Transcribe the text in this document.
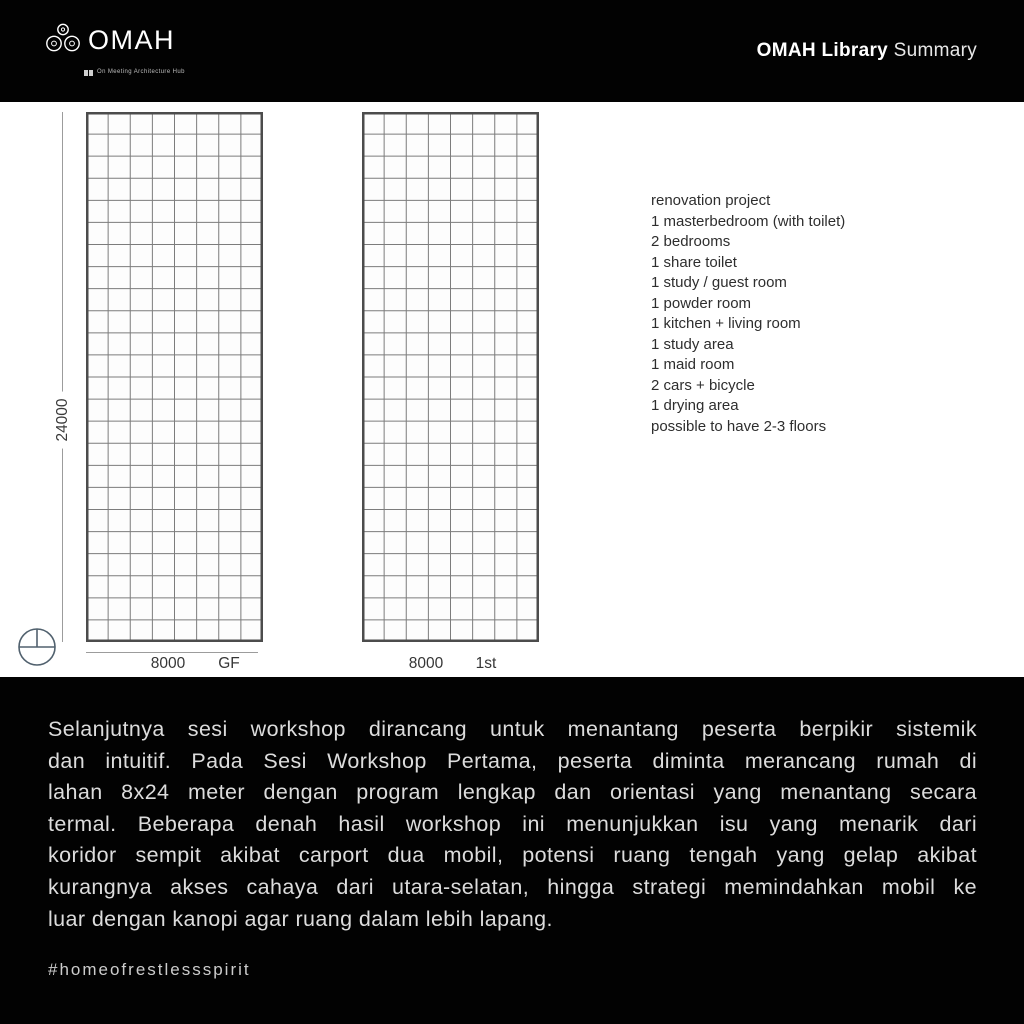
OMAH
On Meeting Architecture Hub
OMAH Library Summary
24000
8000 GF	8000 1st
renovation project
1 masterbedroom (with toilet)
2 bedrooms
1 share toilet
1 study / guest room
1 powder room
1 kitchen + living room
1 study area
1 maid room
2 cars + bicycle
1 drying area
possible to have 2-3 floors
Selanjutnya sesi workshop dirancang untuk menantang peserta berpikir sistemik
dan intuitif. Pada Sesi Workshop Pertama, peserta diminta merancang rumah di
lahan 8x24 meter dengan program lengkap dan orientasi yang menantang secara
termal. Beberapa denah hasil workshop ini menunjukkan isu yang menarik dari
koridor sempit akibat carport dua mobil, potensi ruang tengah yang gelap akibat
kurangnya akses cahaya dari utara-selatan, hingga strategi memindahkan mobil ke
luar dengan kanopi agar ruang dalam lebih lapang.
#homeofrestlessspirit
